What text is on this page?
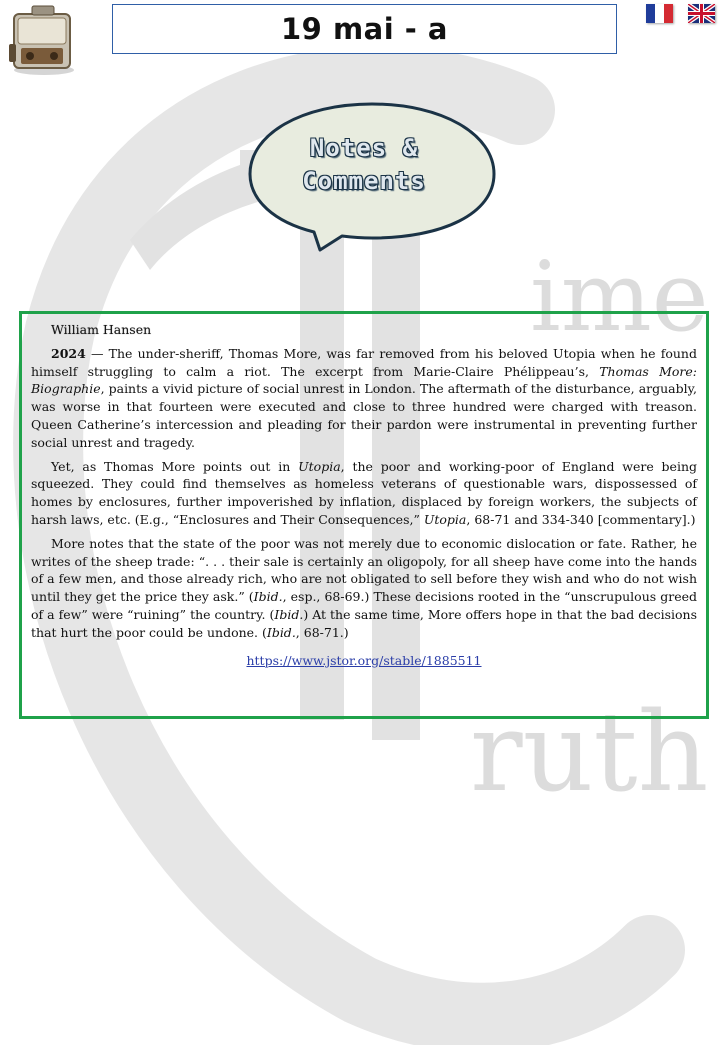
ime
ruth
19 mai - a
Notes &
Comments

William Hansen

2024 — The under-sheriff, Thomas More, was far removed from his beloved Utopia when he found himself struggling to calm a riot. The excerpt from Marie-Claire Phélippeau’s, Thomas More: Biographie, paints a vivid picture of social unrest in London. The aftermath of the disturbance, arguably, was worse in that fourteen were executed and close to three hundred were charged with treason. Queen Catherine’s intercession and pleading for their pardon were instrumental in preventing further social unrest and tragedy.

Yet, as Thomas More points out in Utopia, the poor and working-poor of England were being squeezed. They could find themselves as homeless veterans of questionable wars, dispossessed of homes by enclosures, further impoverished by inflation, displaced by foreign workers, the subjects of harsh laws, etc. (E.g., “Enclosures and Their Consequences,” Utopia, 68-71 and 334-340 [commentary].)

More notes that the state of the poor was not merely due to economic dislocation or fate. Rather, he writes of the sheep trade: “. . . their sale is certainly an oligopoly, for all sheep have come into the hands of a few men, and those already rich, who are not obligated to sell before they wish and who do not wish until they get the price they ask.” (Ibid., esp., 68-69.) These decisions rooted in the “unscrupulous greed of a few” were “ruining” the country. (Ibid.) At the same time, More offers hope in that the bad decisions that hurt the poor could be undone. (Ibid., 68-71.)

https://www.jstor.org/stable/1885511
